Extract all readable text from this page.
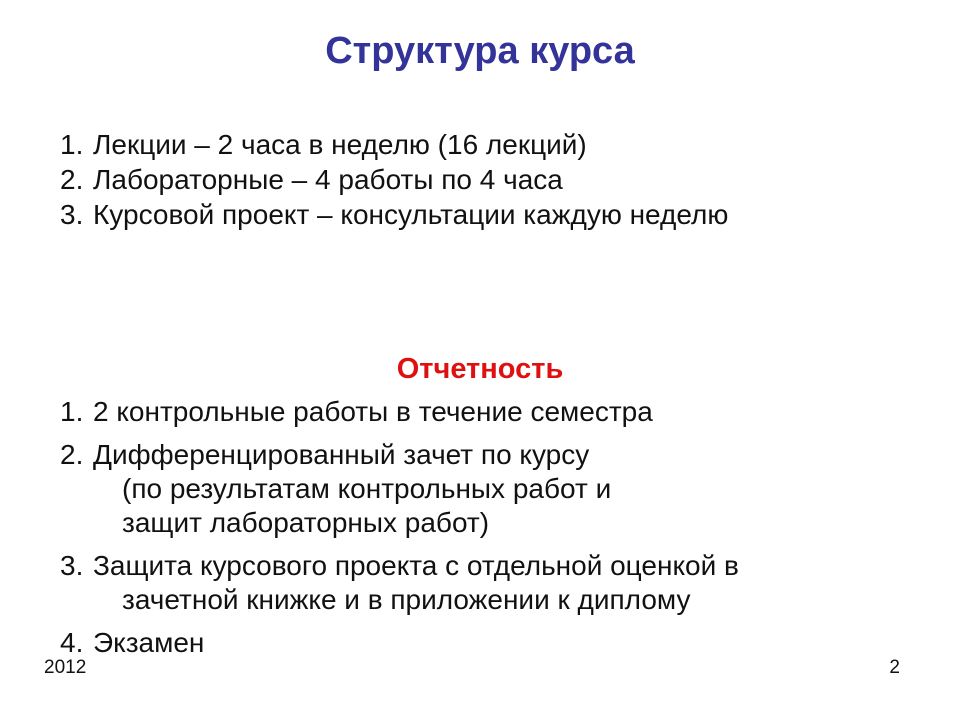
Структура курса
1. Лекции – 2 часа в неделю (16 лекций)
2. Лабораторные – 4 работы по 4 часа
3. Курсовой проект – консультации каждую неделю
Отчетность
1. 2 контрольные работы в течение семестра
2. Дифференцированный зачет по курсу
(по результатам контрольных работ и
защит лабораторных работ)
3. Защита курсового проекта с отдельной оценкой в
зачетной книжке и в приложении к диплому
4. Экзамен
2012	2
